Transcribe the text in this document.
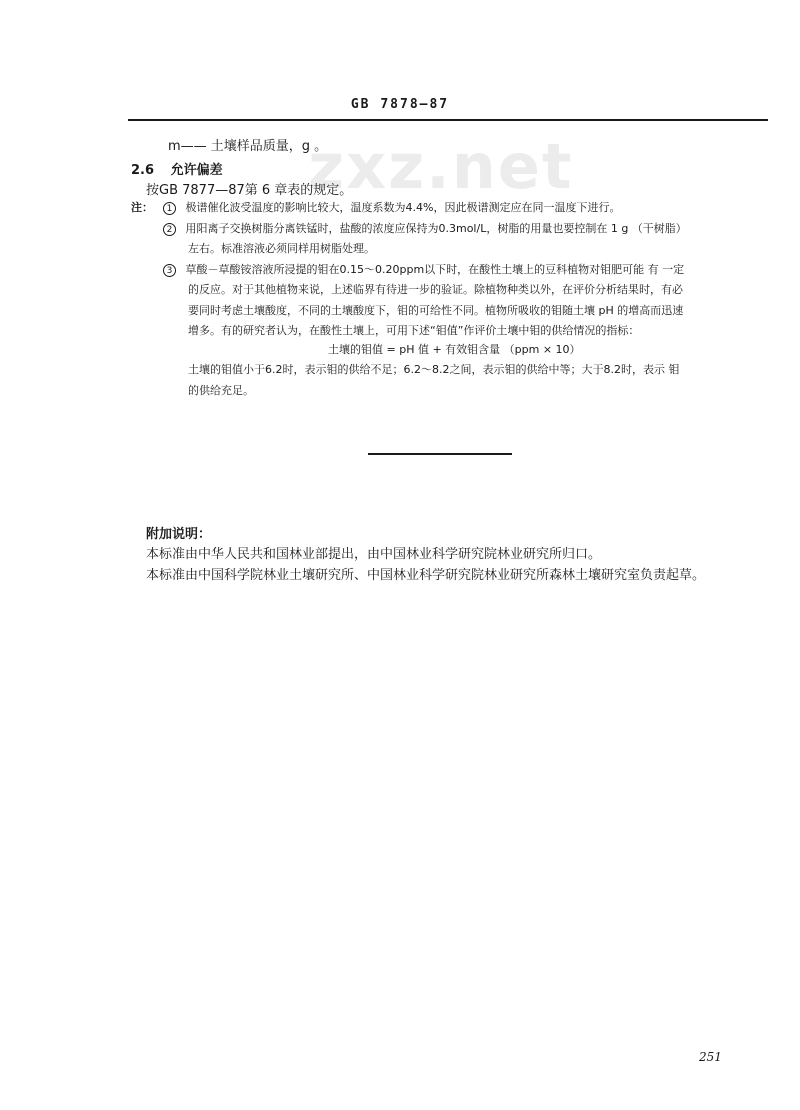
GB 7878—87
zxz.net
m—— 土壤样品质量，g 。
2.6 允许偏差
按GB 7877—87第 6 章表的规定。
注：	1 极谱催化波受温度的影响比较大，温度系数为4.4%，因此极谱测定应在同一温度下进行。
2 用阳离子交换树脂分离铁锰时，盐酸的浓度应保持为0.3mol/L，树脂的用量也要控制在 1 g （干树脂）
左右。标准溶液必须同样用树脂处理。
3 草酸－草酸铵溶液所浸提的钼在0.15～0.20ppm以下时，在酸性土壤上的豆科植物对钼肥可能 有 一定
的反应。对于其他植物来说，上述临界有待进一步的验证。除植物种类以外，在评价分析结果时，有必
要同时考虑土壤酸度，不同的土壤酸度下，钼的可给性不同。植物所吸收的钼随土壤 pH 的增高而迅速
增多。有的研究者认为，在酸性土壤上，可用下述“钼值”作评价土壤中钼的供给情况的指标：
土壤的钼值 = pH 值 + 有效钼含量 （ppm × 10）
土壤的钼值小于6.2时，表示钼的供给不足；6.2～8.2之间，表示钼的供给中等；大于8.2时，表示 钼
的供给充足。
附加说明：
本标准由中华人民共和国林业部提出，由中国林业科学研究院林业研究所归口。
本标准由中国科学院林业土壤研究所、中国林业科学研究院林业研究所森林土壤研究室负责起草。
251
